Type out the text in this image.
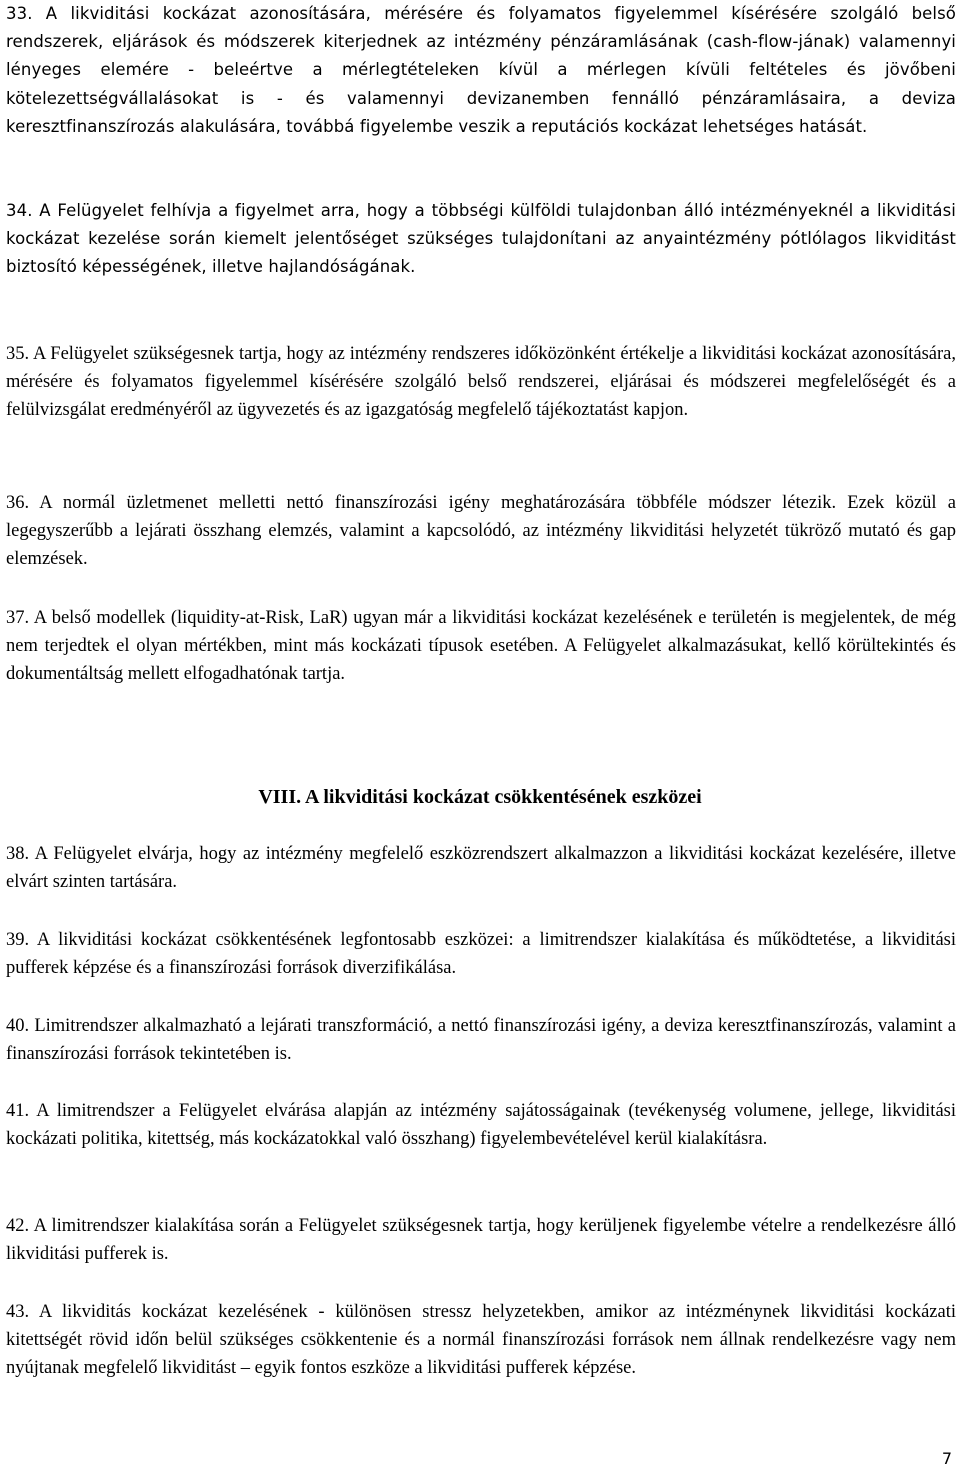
33. A likviditási kockázat azonosítására, mérésére és folyamatos figyelemmel kísérésére szolgáló belső rendszerek, eljárások és módszerek kiterjednek az intézmény pénzáramlásának (cash-flow-jának) valamennyi lényeges elemére - beleértve a mérlegtételeken kívül a mérlegen kívüli feltételes és jövőbeni kötelezettségvállalásokat is - és valamennyi devizanemben fennálló pénzáramlásaira, a deviza keresztfinanszírozás alakulására, továbbá figyelembe veszik a reputációs kockázat lehetséges hatását.

34. A Felügyelet felhívja a figyelmet arra, hogy a többségi külföldi tulajdonban álló intézményeknél a likviditási kockázat kezelése során kiemelt jelentőséget szükséges tulajdonítani az anyaintézmény pótlólagos likviditást biztosító képességének, illetve hajlandóságának.

35. A Felügyelet szükségesnek tartja, hogy az intézmény rendszeres időközönként értékelje a likviditási kockázat azonosítására, mérésére és folyamatos figyelemmel kísérésére szolgáló belső rendszerei, eljárásai és módszerei megfelelőségét és a felülvizsgálat eredményéről az ügyvezetés és az igazgatóság megfelelő tájékoztatást kapjon.

36. A normál üzletmenet melletti nettó finanszírozási igény meghatározására többféle módszer létezik. Ezek közül a legegyszerűbb a lejárati összhang elemzés, valamint a kapcsolódó, az intézmény likviditási helyzetét tükröző mutató és gap elemzések.

37. A belső modellek (liquidity-at-Risk, LaR) ugyan már a likviditási kockázat kezelésének e területén is megjelentek, de még nem terjedtek el olyan mértékben, mint más kockázati típusok esetében. A Felügyelet alkalmazásukat, kellő körültekintés és dokumentáltság mellett elfogadhatónak tartja.

38. A Felügyelet elvárja, hogy az intézmény megfelelő eszközrendszert alkalmazzon a likviditási kockázat kezelésére, illetve elvárt szinten tartására.

39. A likviditási kockázat csökkentésének legfontosabb eszközei: a limitrendszer kialakítása és működtetése, a likviditási pufferek képzése és a finanszírozási források diverzifikálása.

40. Limitrendszer alkalmazható a lejárati transzformáció, a nettó finanszírozási igény, a deviza keresztfinanszírozás, valamint a finanszírozási források tekintetében is.

41. A limitrendszer a Felügyelet elvárása alapján az intézmény sajátosságainak (tevékenység volumene, jellege, likviditási kockázati politika, kitettség, más kockázatokkal való összhang) figyelembevételével kerül kialakításra.

42. A limitrendszer kialakítása során a Felügyelet szükségesnek tartja, hogy kerüljenek figyelembe vételre a rendelkezésre álló likviditási pufferek is.

43. A likviditás kockázat kezelésének - különösen stressz helyzetekben, amikor az intézménynek likviditási kockázati kitettségét rövid időn belül szükséges csökkentenie és a normál finanszírozási források nem állnak rendelkezésre vagy nem nyújtanak megfelelő likviditást – egyik fontos eszköze a likviditási pufferek képzése.

VIII. A likviditási kockázat csökkentésének eszközei
7
